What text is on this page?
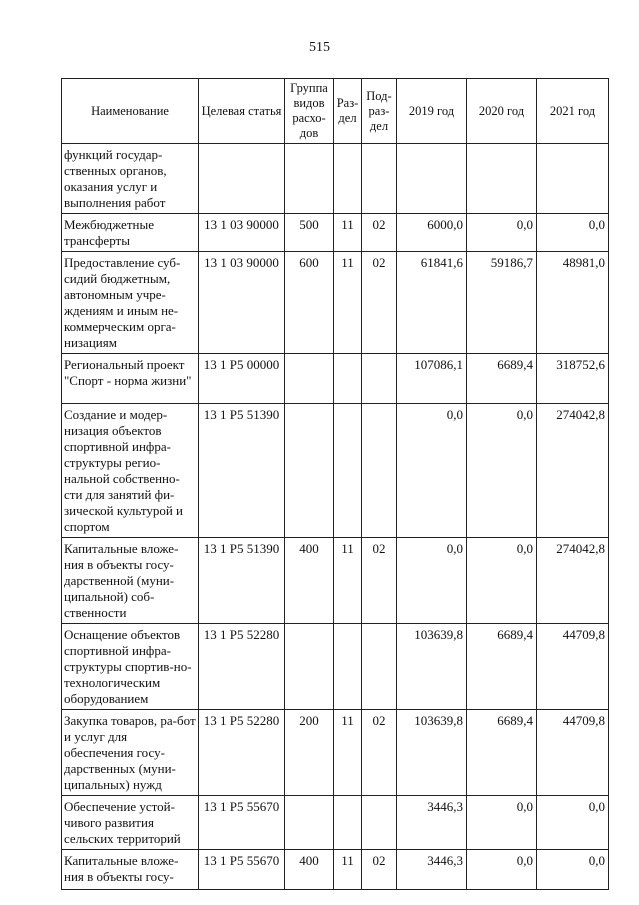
515
Наименование	Целевая статья	Группа видов расхо-дов	Раз-дел	Под-раз-дел	2019 год	2020 год	2021 год
функций государ-ственных органов, оказания услуг и выполнения работ							
Межбюджетные трансферты	13 1 03 90000	500	11	02	6000,0	0,0	0,0
Предоставление суб-сидий бюджетным, автономным учре-ждениям и иным не-коммерческим орга-низациям	13 1 03 90000	600	11	02	61841,6	59186,7	48981,0
Региональный проект "Спорт - норма жизни"	13 1 P5 00000				107086,1	6689,4	318752,6
Создание и модер-низация объектов спортивной инфра-структуры регио-нальной собственно-сти для занятий фи-зической культурой и спортом	13 1 P5 51390				0,0	0,0	274042,8
Капитальные вложе-ния в объекты госу-дарственной (муни-ципальной) соб-ственности	13 1 P5 51390	400	11	02	0,0	0,0	274042,8
Оснащение объектов спортивной инфра-структуры спортив-но-технологическим оборудованием	13 1 P5 52280				103639,8	6689,4	44709,8
Закупка товаров, ра-бот и услуг для обеспечения госу-дарственных (муни-ципальных) нужд	13 1 P5 52280	200	11	02	103639,8	6689,4	44709,8
Обеспечение устой-чивого развития сельских территорий	13 1 P5 55670				3446,3	0,0	0,0
Капитальные вложе-ния в объекты госу-	13 1 P5 55670	400	11	02	3446,3	0,0	0,0
